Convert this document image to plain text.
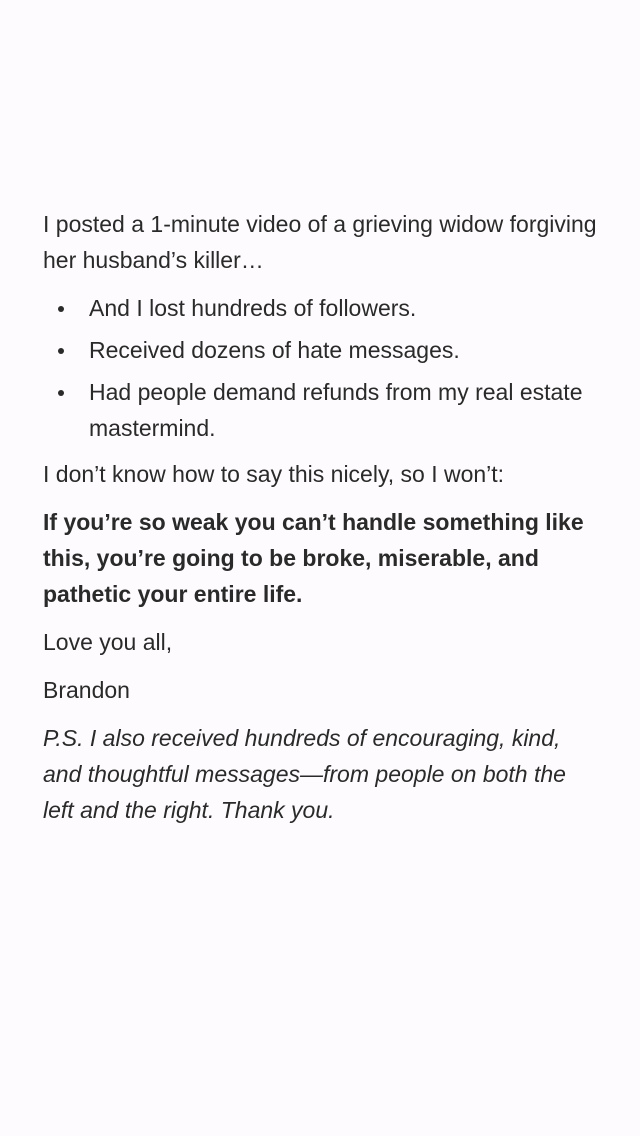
I posted a 1-minute video of a grieving widow forgiving her husband’s killer…

And I lost hundreds of followers.
Received dozens of hate messages.
Had people demand refunds from my real estate mastermind.

I don’t know how to say this nicely, so I won’t:

If you’re so weak you can’t handle something like this, you’re going to be broke, miserable, and pathetic your entire life.

Love you all,

Brandon

P.S. I also received hundreds of encouraging, kind, and thoughtful messages—from people on both the left and the right. Thank you.
